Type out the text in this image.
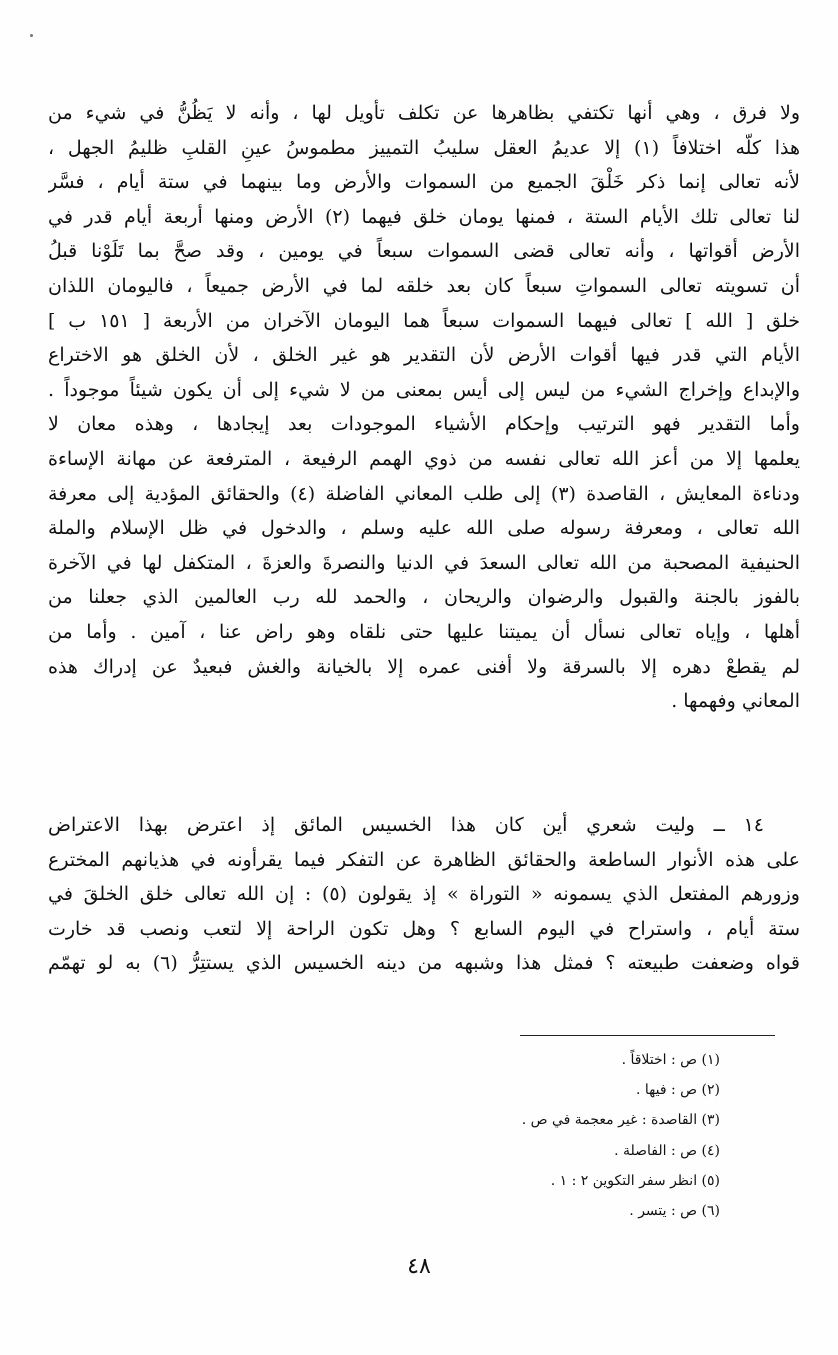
ولا فرق ، وهي أنها تكتفي بظاهرها عن تكلف تأويل لها ، وأنه لا يَظُنُّ في شيء من
هذا كلّه اختلافاً (١) إلا عديمُ العقل سليبُ التمييز مطموسُ عينِ القلبِ ظليمُ الجهل ،
لأنه تعالى إنما ذكر خَلْقَ الجميع من السموات والأرض وما بينهما في ستة أيام ، فسَّر
لنا تعالى تلك الأيام الستة ، فمنها يومان خلق فيهما (٢) الأرض ومنها أربعة أيام قدر في
الأرض أقواتها ، وأنه تعالى قضى السموات سبعاً في يومين ، وقد صحَّ بما تَلَوْنا قبلُ
أن تسويته تعالى السمواتِ سبعاً كان بعد خلقه لما في الأرض جميعاً ، فاليومان اللذان
خلق [ الله ] تعالى فيهما السموات سبعاً هما اليومان الآخران من الأربعة [ ١٥١ ب ]
الأيام التي قدر فيها أقوات الأرض لأن التقدير هو غير الخلق ، لأن الخلق هو الاختراع
والإبداع وإخراج الشيء من ليس إلى أيس بمعنى من لا شيء إلى أن يكون شيئاً موجوداً .
وأما التقدير فهو الترتيب وإحكام الأشياء الموجودات بعد إيجادها ، وهذه معان لا
يعلمها إلا من أعز الله تعالى نفسه من ذوي الهمم الرفيعة ، المترفعة عن مهانة الإساءة
ودناءة المعايش ، القاصدة (٣) إلى طلب المعاني الفاضلة (٤) والحقائق المؤدية إلى معرفة
الله تعالى ، ومعرفة رسوله صلى الله عليه وسلم ، والدخول في ظل الإسلام والملة
الحنيفية المصحبة من الله تعالى السعدَ في الدنيا والنصرةَ والعزةَ ، المتكفل لها في الآخرة
بالفوز بالجنة والقبول والرضوان والريحان ، والحمد لله رب العالمين الذي جعلنا من
أهلها ، وإياه تعالى نسأل أن يميتنا عليها حتى نلقاه وهو راض عنا ، آمين . وأما من
لم يقطعْ دهره إلا بالسرقة ولا أفنى عمره إلا بالخيانة والغش فبعيدٌ عن إدراك هذه
المعاني وفهمها .
١٤ ــ وليت شعري أين كان هذا الخسيس المائق إذ اعترض بهذا الاعتراض
على هذه الأنوار الساطعة والحقائق الظاهرة عن التفكر فيما يقرأونه في هذيانهم المخترع
وزورهم المفتعل الذي يسمونه « التوراة » إذ يقولون (٥) : إن الله تعالى خلق الخلقَ في
ستة أيام ، واستراح في اليوم السابع ؟ وهل تكون الراحة إلا لتعب ونصب قد خارت
قواه وضعفت طبيعته ؟ فمثل هذا وشبهه من دينه الخسيس الذي يستتِرُّ (٦) به لو تهمّم
(١) ص : اختلاقاً .
(٢) ص : فيها .
(٣) القاصدة : غير معجمة في ص .
(٤) ص : الفاصلة .
(٥) انظر سفر التكوين ٢ : ١ .
(٦) ص : يتسر .
٤٨
